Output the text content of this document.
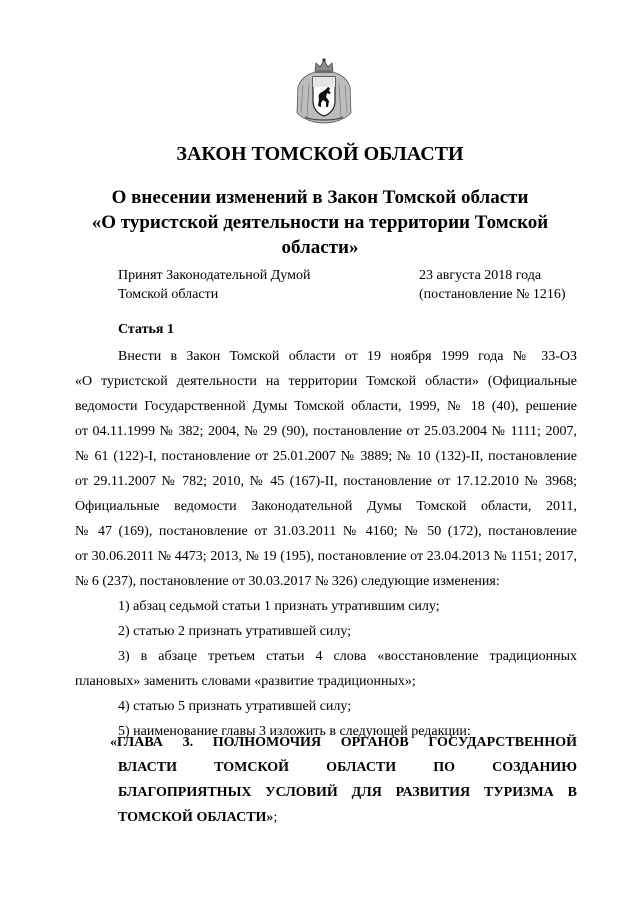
ЗАКОН ТОМСКОЙ ОБЛАСТИ
О внесении изменений в Закон Томской области
«О туристской деятельности на территории Томской
области»
Принят Законодательной Думой
Томской области
23 августа 2018 года
(постановление № 1216)
Статья 1
Внести в Закон Томской области от 19 ноября 1999 года № 33-ОЗ
«О туристской деятельности на территории Томской области» (Официальные
ведомости Государственной Думы Томской области, 1999, № 18 (40), решение
от 04.11.1999 № 382; 2004, № 29 (90), постановление от 25.03.2004 № 1111; 2007,
№ 61 (122)-I, постановление от 25.01.2007 № 3889; № 10 (132)-II, постановление
от 29.11.2007 № 782; 2010, № 45 (167)-II, постановление от 17.12.2010 № 3968;
Официальные ведомости Законодательной Думы Томской области, 2011,
№ 47 (169), постановление от 31.03.2011 № 4160; № 50 (172), постановление
от 30.06.2011 № 4473; 2013, № 19 (195), постановление от 23.04.2013 № 1151; 2017,
№ 6 (237), постановление от 30.03.2017 № 326) следующие изменения:
1) абзац седьмой статьи 1 признать утратившим силу;
2) статью 2 признать утратившей силу;
3) в абзаце третьем статьи 4 слова «восстановление традиционных
плановых» заменить словами «развитие традиционных»;
4) статью 5 признать утратившей силу;
5) наименование главы 3 изложить в следующей редакции:
«ГЛАВА 3. ПОЛНОМОЧИЯ ОРГАНОВ ГОСУДАРСТВЕННОЙ
ВЛАСТИ ТОМСКОЙ ОБЛАСТИ ПО СОЗДАНИЮ
БЛАГОПРИЯТНЫХ УСЛОВИЙ ДЛЯ РАЗВИТИЯ ТУРИЗМА В
ТОМСКОЙ ОБЛАСТИ»;
